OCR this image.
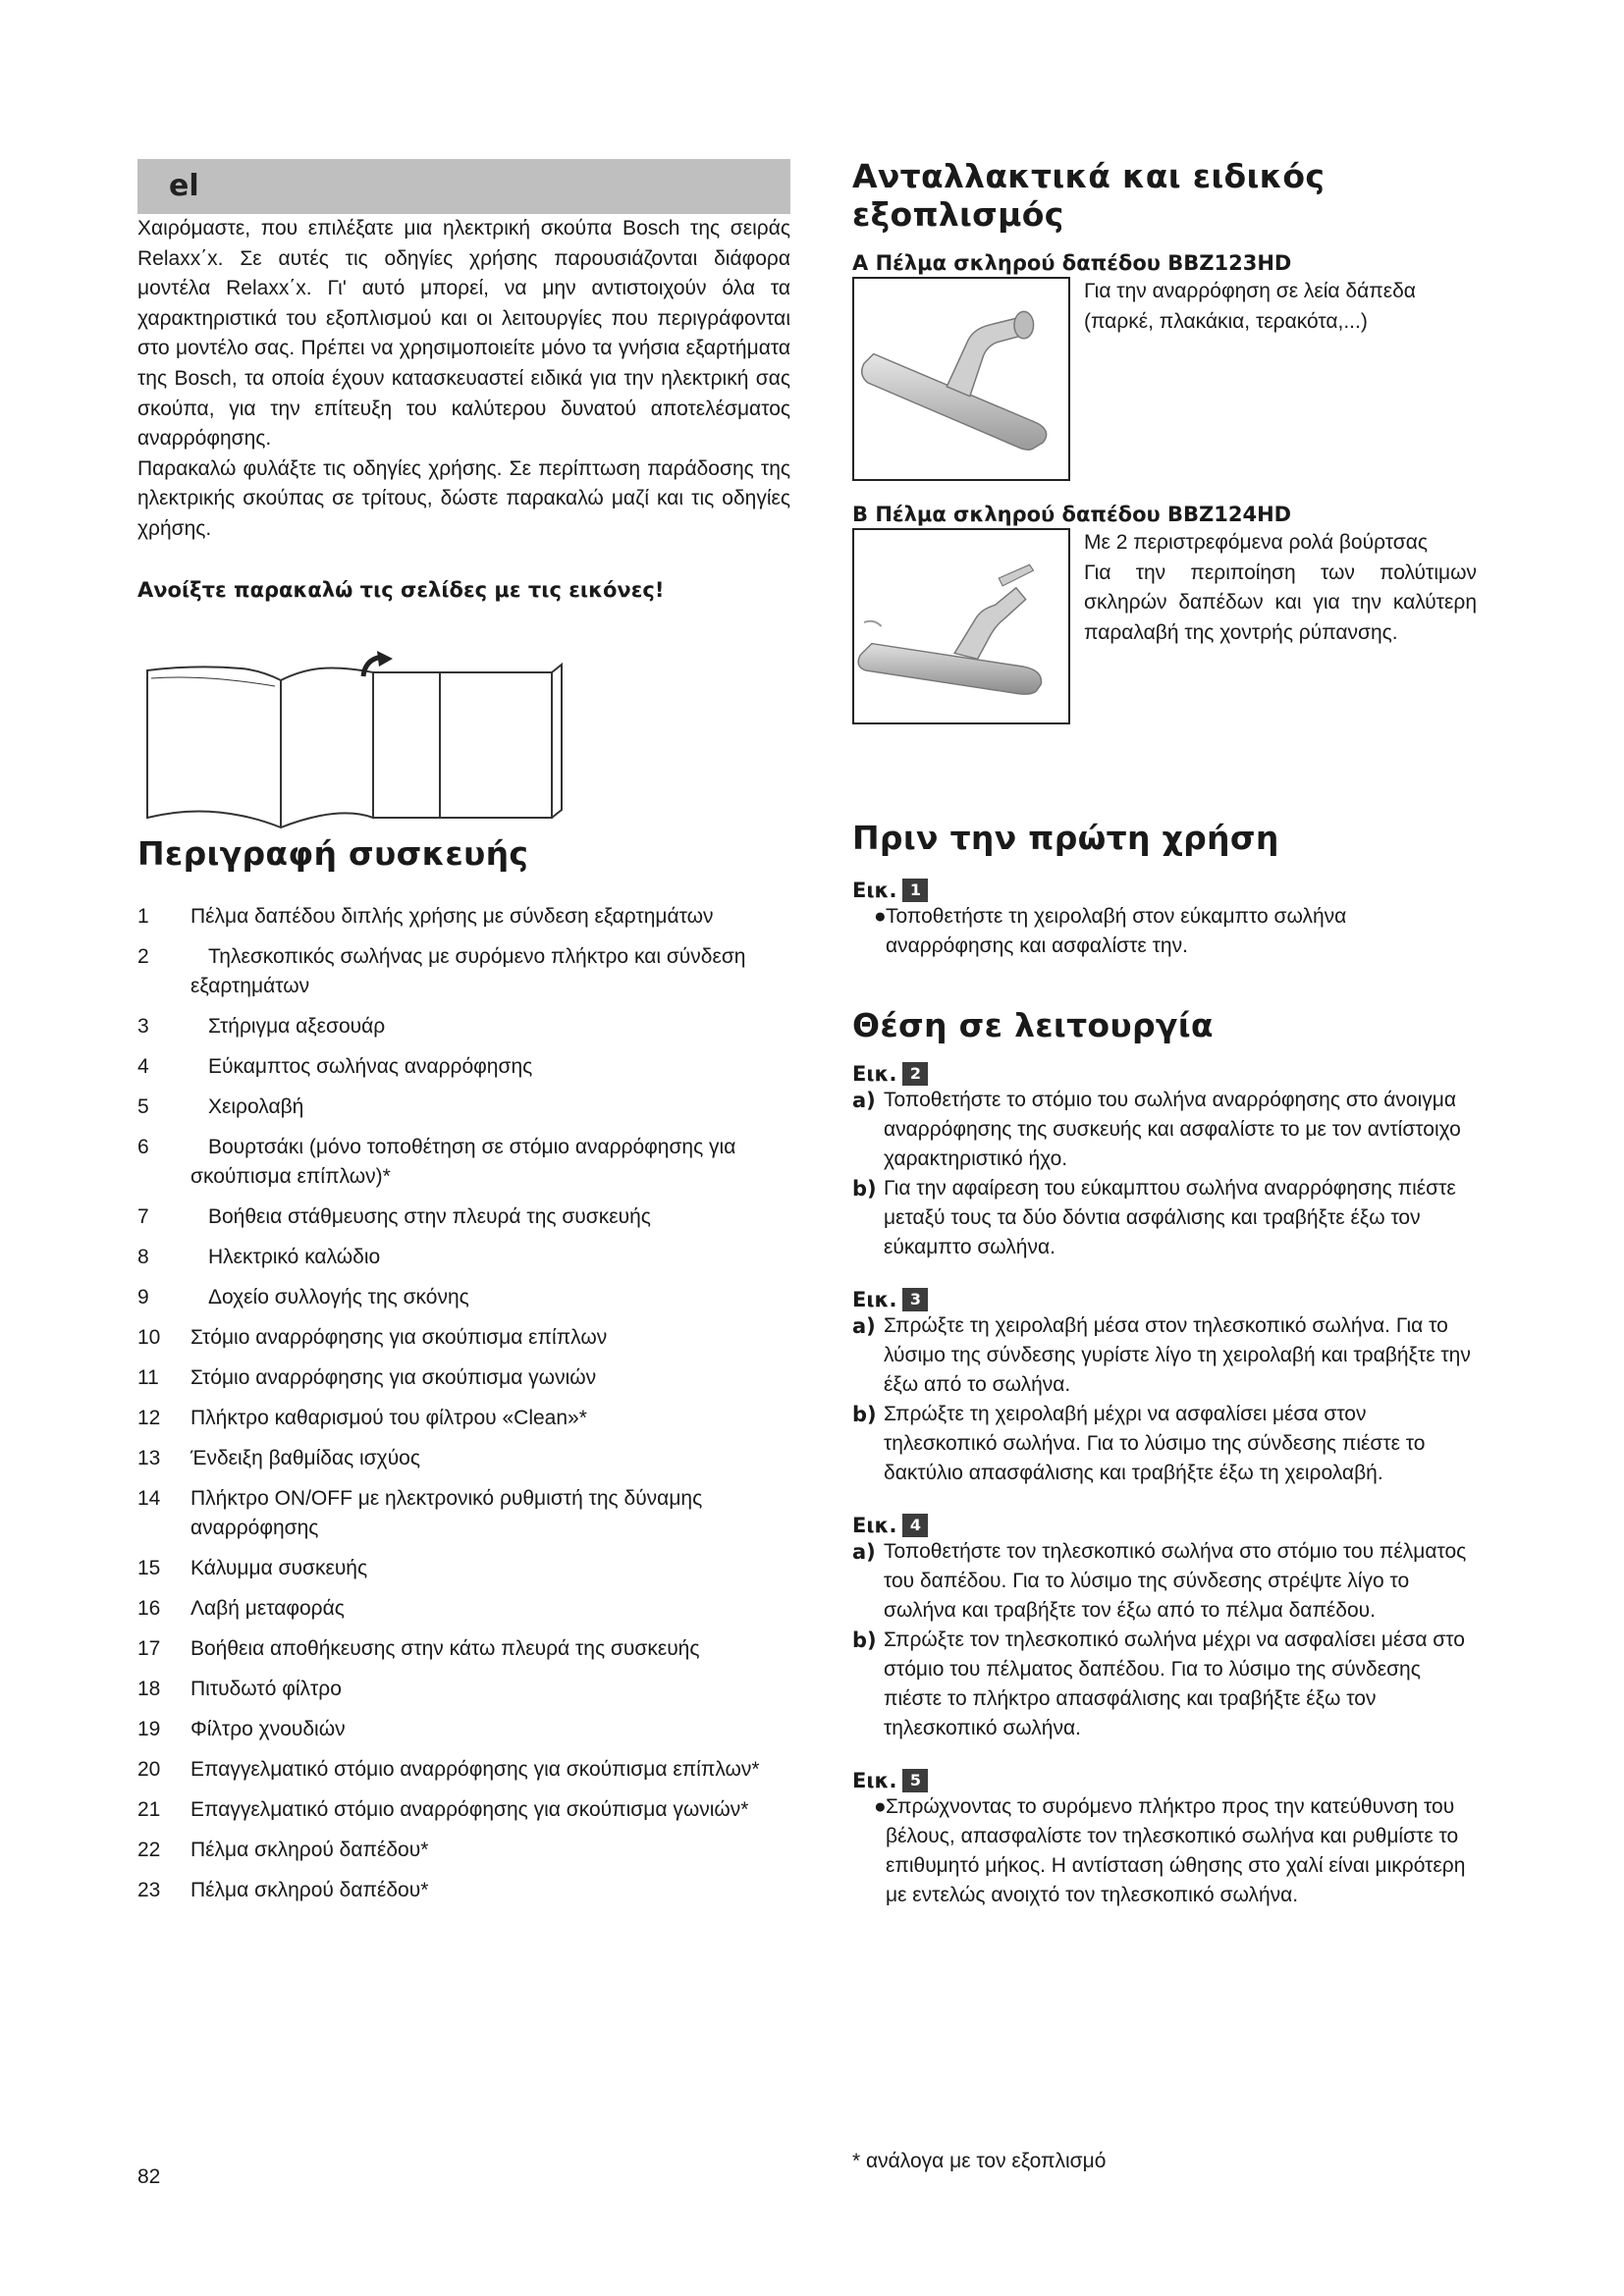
el

Χαιρόμαστε, που επιλέξατε μια ηλεκτρική σκούπα Bosch της σειράς Relaxx΄x. Σε αυτές τις οδηγίες χρήσης παρουσιάζονται διάφορα μοντέλα Relaxx΄x. Γι' αυτό μπορεί, να μην αντιστοιχούν όλα τα χαρακτηριστικά του εξοπλισμού και οι λειτουργίες που περιγράφονται στο μοντέλο σας. Πρέπει να χρησιμοποιείτε μόνο τα γνήσια εξαρτήματα της Bosch, τα οποία έχουν κατασκευαστεί ειδικά για την ηλεκτρική σας σκούπα, για την επίτευξη του καλύτερου δυνατού αποτελέσματος αναρρόφησης.

Παρακαλώ φυλάξτε τις οδηγίες χρήσης. Σε περίπτωση παράδοσης της ηλεκτρικής σκούπας σε τρίτους, δώστε παρακαλώ μαζί και τις οδηγίες χρήσης.

Ανοίξτε παρακαλώ τις σελίδες με τις εικόνες!
Περιγραφή συσκευής
1	Πέλμα δαπέδου διπλής χρήσης με σύνδεση εξαρτημάτων
2	Τηλεσκοπικός σωλήνας με συρόμενο πλήκτρο και σύνδεση εξαρτημάτων
3	Στήριγμα αξεσουάρ
4	Εύκαμπτος σωλήνας αναρρόφησης
5	Χειρολαβή
6	Βουρτσάκι (μόνο τοποθέτηση σε στόμιο αναρρόφησης για σκούπισμα επίπλων)*
7	Βοήθεια στάθμευσης στην πλευρά της συσκευής
8	Ηλεκτρικό καλώδιο
9	Δοχείο συλλογής της σκόνης
10	Στόμιο αναρρόφησης για σκούπισμα επίπλων
11	Στόμιο αναρρόφησης για σκούπισμα γωνιών
12	Πλήκτρο καθαρισμού του φίλτρου «Clean»*
13	Ένδειξη βαθμίδας ισχύος
14	Πλήκτρο ON/OFF με ηλεκτρονικό ρυθμιστή της δύναμης αναρρόφησης
15	Κάλυμμα συσκευής
16	Λαβή μεταφοράς
17	Βοήθεια αποθήκευσης στην κάτω πλευρά της συσκευής
18	Πιτυδωτό φίλτρο
19	Φίλτρο χνουδιών
20	Επαγγελματικό στόμιο αναρρόφησης για σκούπισμα επίπλων*
21	Επαγγελματικό στόμιο αναρρόφησης για σκούπισμα γωνιών*
22	Πέλμα σκληρού δαπέδου*
23	Πέλμα σκληρού δαπέδου*
82
Ανταλλακτικά και ειδικός εξοπλισμός
A Πέλμα σκληρού δαπέδου BBZ123HD
Για την αναρρόφηση σε λεία δάπεδα (παρκέ, πλακάκια, τερακότα,...)
B Πέλμα σκληρού δαπέδου BBZ124HD
Με 2 περιστρεφόμενα ρολά βούρτσας
Για την περιποίηση των πολύτιμων σκληρών δαπέδων και για την καλύτερη παραλαβή της χοντρής ρύπανσης.
Πριν την πρώτη χρήση
Εικ. 1
● Τοποθετήστε τη χειρολαβή στον εύκαμπτο σωλήνα αναρρόφησης και ασφαλίστε την.
Θέση σε λειτουργία
Εικ. 2
a) Τοποθετήστε το στόμιο του σωλήνα αναρρόφησης στο άνοιγμα αναρρόφησης της συσκευής και ασφαλίστε το με τον αντίστοιχο χαρακτηριστικό ήχο.
b) Για την αφαίρεση του εύκαμπτου σωλήνα αναρρόφησης πιέστε μεταξύ τους τα δύο δόντια ασφάλισης και τραβήξτε έξω τον εύκαμπτο σωλήνα.
Εικ. 3
a) Σπρώξτε τη χειρολαβή μέσα στον τηλεσκοπικό σωλήνα. Για το λύσιμο της σύνδεσης γυρίστε λίγο τη χειρολαβή και τραβήξτε την έξω από το σωλήνα.
b) Σπρώξτε τη χειρολαβή μέχρι να ασφαλίσει μέσα στον τηλεσκοπικό σωλήνα. Για το λύσιμο της σύνδεσης πιέστε το δακτύλιο απασφάλισης και τραβήξτε έξω τη χειρολαβή.
Εικ. 4
a) Τοποθετήστε τον τηλεσκοπικό σωλήνα στο στόμιο του πέλματος του δαπέδου. Για το λύσιμο της σύνδεσης στρέψτε λίγο το σωλήνα και τραβήξτε τον έξω από το πέλμα δαπέδου.
b) Σπρώξτε τον τηλεσκοπικό σωλήνα μέχρι να ασφαλίσει μέσα στο στόμιο του πέλματος δαπέδου. Για το λύσιμο της σύνδεσης πιέστε το πλήκτρο απασφάλισης και τραβήξτε έξω τον τηλεσκοπικό σωλήνα.
Εικ. 5
● Σπρώχνοντας το συρόμενο πλήκτρο προς την κατεύθυνση του βέλους, απασφαλίστε τον τηλεσκοπικό σωλήνα και ρυθμίστε το επιθυμητό μήκος. Η αντίσταση ώθησης στο χαλί είναι μικρότερη με εντελώς ανοιχτό τον τηλεσκοπικό σωλήνα.
* ανάλογα με τον εξοπλισμό
